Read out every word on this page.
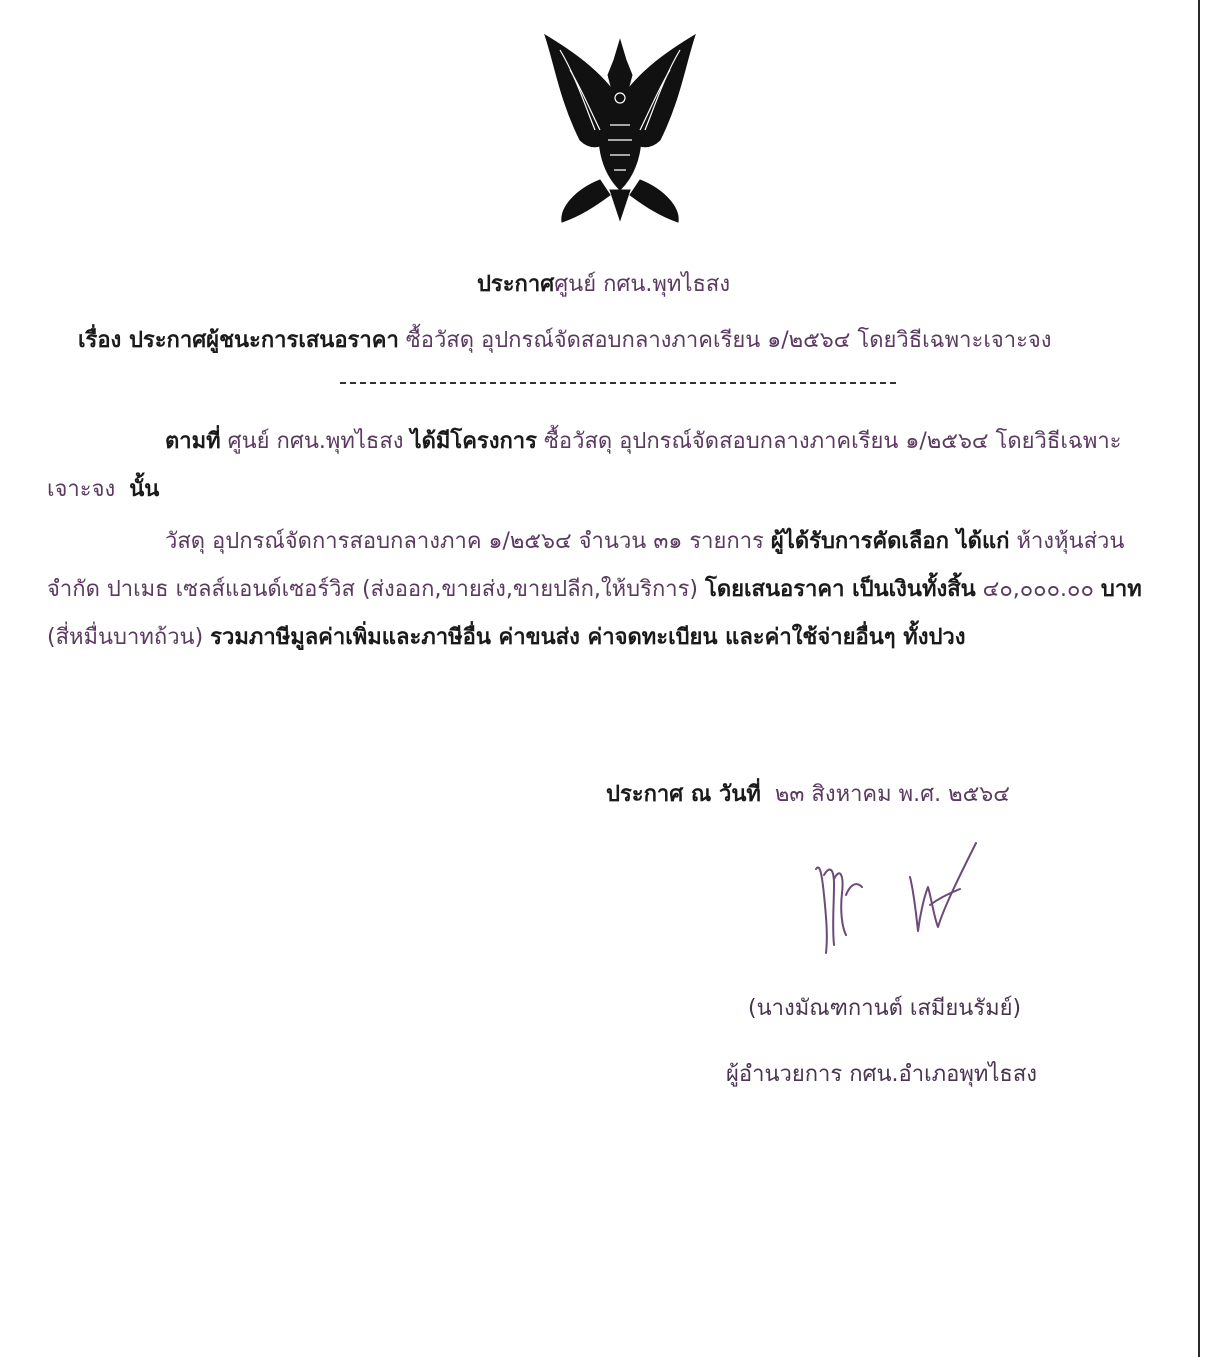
ประกาศศูนย์ กศน.พุทไธสง
เรื่อง ประกาศผู้ชนะการเสนอราคา ซื้อวัสดุ อุปกรณ์จัดสอบกลางภาคเรียน ๑/๒๕๖๔ โดยวิธีเฉพาะเจาะจง
ตามที่ ศูนย์ กศน.พุทไธสง ได้มีโครงการ ซื้อวัสดุ อุปกรณ์จัดสอบกลางภาคเรียน ๑/๒๕๖๔ โดยวิธีเฉพาะเจาะจง นั้น
วัสดุ อุปกรณ์จัดการสอบกลางภาค ๑/๒๕๖๔ จำนวน ๓๑ รายการ ผู้ได้รับการคัดเลือก ได้แก่ ห้างหุ้นส่วนจำกัด ปาเมธ เซลส์แอนด์เซอร์วิส (ส่งออก,ขายส่ง,ขายปลีก,ให้บริการ) โดยเสนอราคา เป็นเงินทั้งสิ้น ๔๐,๐๐๐.๐๐ บาท (สี่หมื่นบาทถ้วน) รวมภาษีมูลค่าเพิ่มและภาษีอื่น ค่าขนส่ง ค่าจดทะเบียน และค่าใช้จ่ายอื่นๆ ทั้งปวง
ประกาศ ณ วันที่ ๒๓ สิงหาคม พ.ศ. ๒๕๖๔
(นางมัณฑกานต์ เสมียนรัมย์)
ผู้อำนวยการ กศน.อำเภอพุทไธสง
